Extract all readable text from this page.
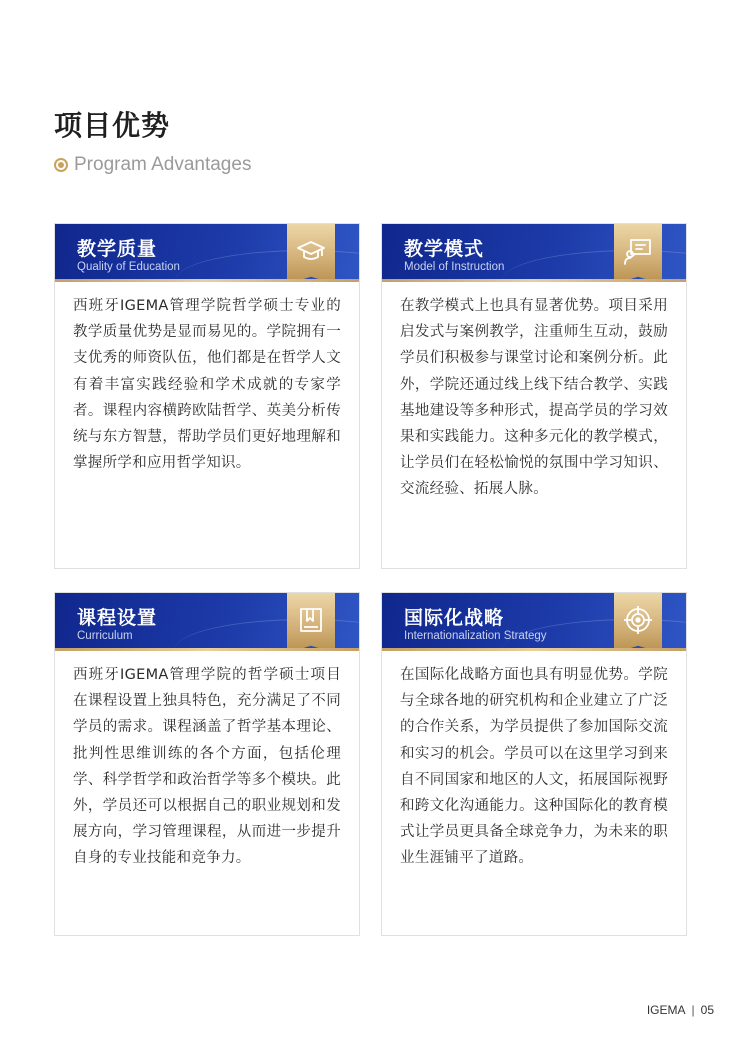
项目优势
Program Advantages
教学质量
Quality of Education
西班牙IGEMA管理学院哲学硕士专业的教学质量优势是显而易见的。学院拥有一支优秀的师资队伍，他们都是在哲学人文有着丰富实践经验和学术成就的专家学者。课程内容横跨欧陆哲学、英美分析传统与东方智慧，帮助学员们更好地理解和掌握所学和应用哲学知识。
教学模式
Model of Instruction
在教学模式上也具有显著优势。项目采用启发式与案例教学，注重师生互动，鼓励学员们积极参与课堂讨论和案例分析。此外，学院还通过线上线下结合教学、实践基地建设等多种形式，提高学员的学习效果和实践能力。这种多元化的教学模式，让学员们在轻松愉悦的氛围中学习知识、交流经验、拓展人脉。
课程设置
Curriculum
西班牙IGEMA管理学院的哲学硕士项目在课程设置上独具特色，充分满足了不同学员的需求。课程涵盖了哲学基本理论、批判性思维训练的各个方面，包括伦理学、科学哲学和政治哲学等多个模块。此外，学员还可以根据自己的职业规划和发展方向，学习管理课程，从而进一步提升自身的专业技能和竞争力。
国际化战略
Internationalization Strategy
在国际化战略方面也具有明显优势。学院与全球各地的研究机构和企业建立了广泛的合作关系，为学员提供了参加国际交流和实习的机会。学员可以在这里学习到来自不同国家和地区的人文，拓展国际视野和跨文化沟通能力。这种国际化的教育模式让学员更具备全球竞争力，为未来的职业生涯铺平了道路。
IGEMA | 05
